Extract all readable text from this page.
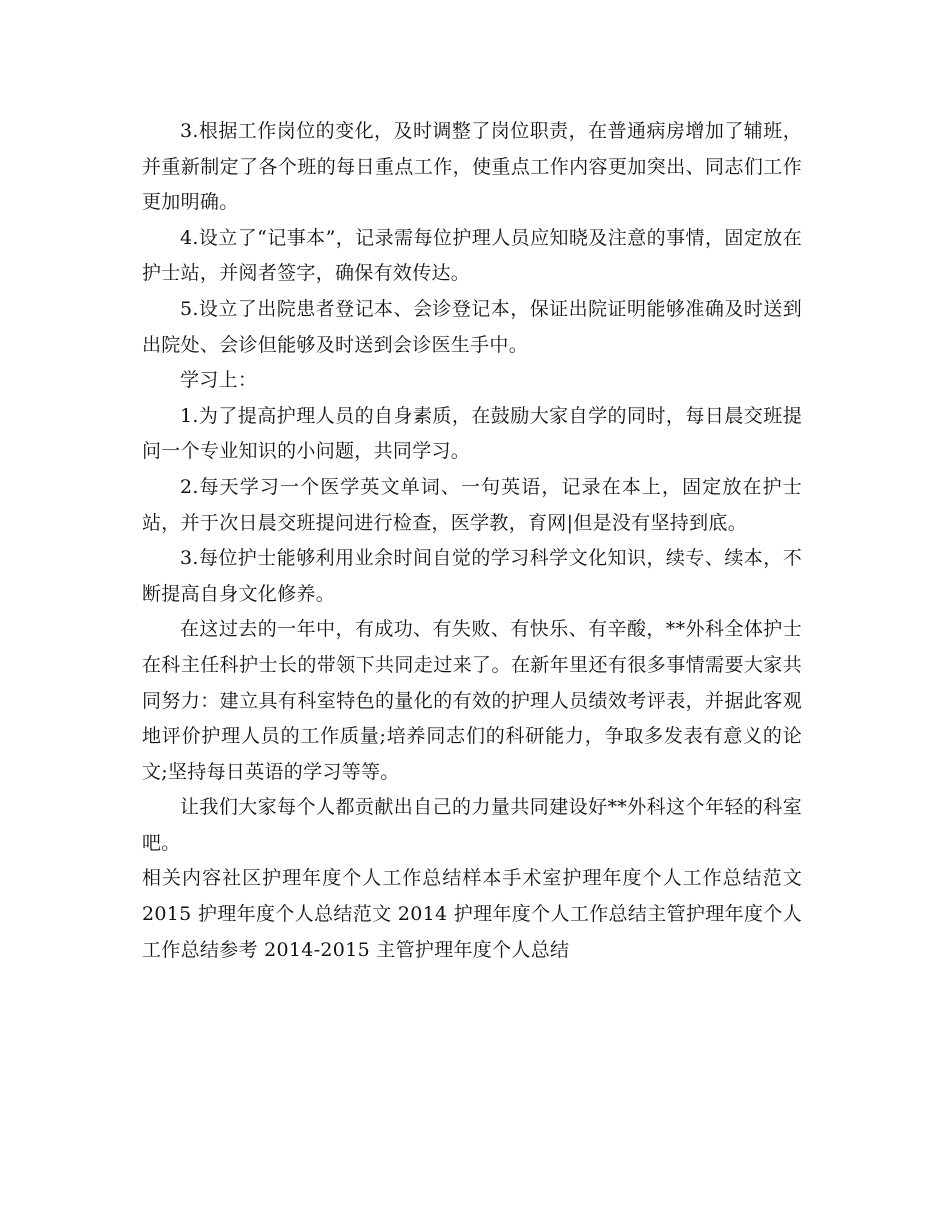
3.根据工作岗位的变化，及时调整了岗位职责，在普通病房增加了辅班，并重新制定了各个班的每日重点工作，使重点工作内容更加突出、同志们工作更加明确。

4.设立了“记事本”，记录需每位护理人员应知晓及注意的事情，固定放在护士站，并阅者签字，确保有效传达。

5.设立了出院患者登记本、会诊登记本，保证出院证明能够准确及时送到出院处、会诊但能够及时送到会诊医生手中。

学习上：

1.为了提高护理人员的自身素质，在鼓励大家自学的同时，每日晨交班提问一个专业知识的小问题，共同学习。

2.每天学习一个医学英文单词、一句英语，记录在本上，固定放在护士站，并于次日晨交班提问进行检查，医学教，育网|但是没有坚持到底。

3.每位护士能够利用业余时间自觉的学习科学文化知识，续专、续本，不断提高自身文化修养。

在这过去的一年中，有成功、有失败、有快乐、有辛酸，**外科全体护士在科主任科护士长的带领下共同走过来了。在新年里还有很多事情需要大家共同努力：建立具有科室特色的量化的有效的护理人员绩效考评表，并据此客观地评价护理人员的工作质量;培养同志们的科研能力，争取多发表有意义的论文;坚持每日英语的学习等等。

让我们大家每个人都贡献出自己的力量共同建设好**外科这个年轻的科室吧。

相关内容社区护理年度个人工作总结样本手术室护理年度个人工作总结范文 2015 护理年度个人总结范文 2014 护理年度个人工作总结主管护理年度个人工作总结参考 2014-2015 主管护理年度个人总结
